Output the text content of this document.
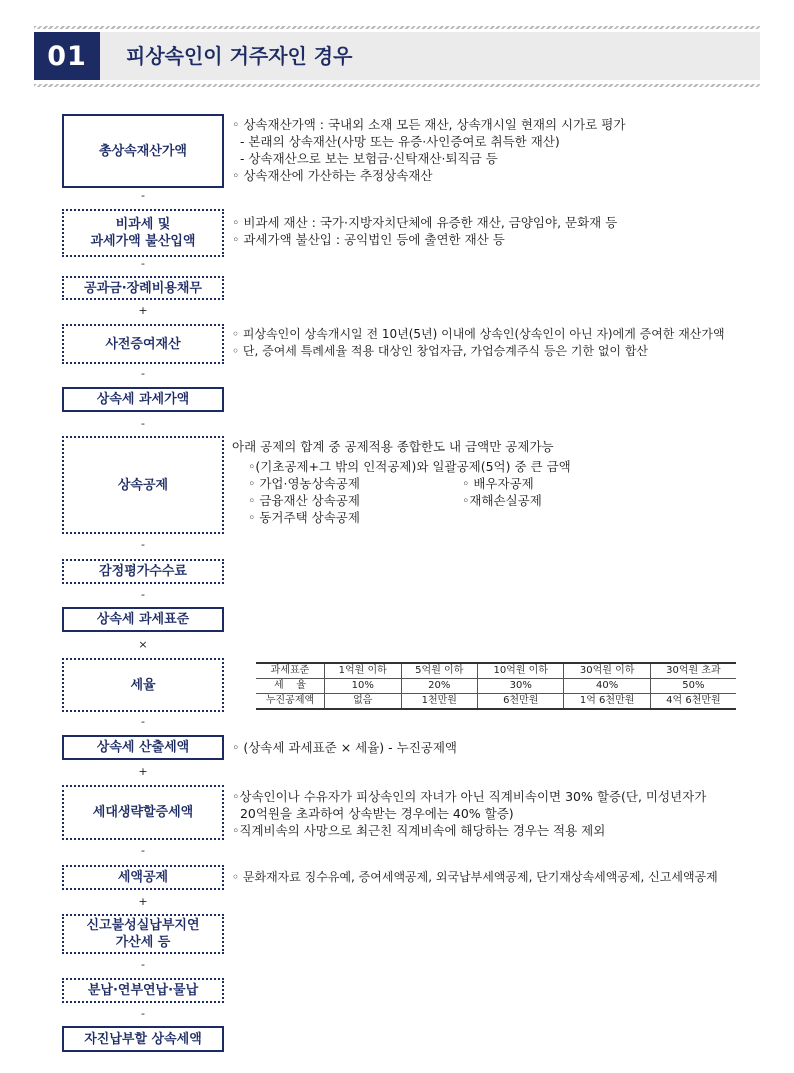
01	피상속인이 거주자인 경우
총상속재산가액
-
비과세 및
과세가액 불산입액
-
공과금·장례비용채무
+
사전증여재산
-
상속세 과세가액
-
상속공제
-
감정평가수수료
-
상속세 과세표준
×
세율
-
상속세 산출세액
+
세대생략할증세액
-
세액공제
+
신고불성실납부지연
가산세 등
-
분납·연부연납·물납
-
자진납부할 상속세액
◦ 상속재산가액 : 국내외 소재 모든 재산, 상속개시일 현재의 시가로 평가
- 본래의 상속재산(사망 또는 유증·사인증여로 취득한 재산)
- 상속재산으로 보는 보험금·신탁재산·퇴직금 등
◦ 상속재산에 가산하는 추정상속재산
◦ 비과세 재산 : 국가·지방자치단체에 유증한 재산, 금양임야, 문화재 등
◦ 과세가액 불산입 : 공익법인 등에 출연한 재산 등
◦ 피상속인이 상속개시일 전 10년(5년) 이내에 상속인(상속인이 아닌 자)에게 증여한 재산가액
◦ 단, 증여세 특례세율 적용 대상인 창업자금, 가업승계주식 등은 기한 없이 합산
아래 공제의 합계 중 공제적용 종합한도 내 금액만 공제가능
◦(기초공제+그 밖의 인적공제)와 일괄공제(5억) 중 큰 금액
◦ 가업·영농상속공제	◦ 배우자공제
◦ 금융재산 상속공제	◦재해손실공제
◦ 동거주택 상속공제
과세표준	1억원 이하	5억원 이하	10억원 이하	30억원 이하	30억원 초과
세    율	10%	20%	30%	40%	50%
누진공제액	없음	1천만원	6천만원	1억 6천만원	4억 6천만원
◦ (상속세 과세표준 × 세율) - 누진공제액
◦상속인이나 수유자가 피상속인의 자녀가 아닌 직계비속이면 30% 할증(단, 미성년자가
20억원을 초과하여 상속받는 경우에는 40% 할증)
◦직계비속의 사망으로 최근친 직계비속에 해당하는 경우는 적용 제외
◦ 문화재자료 징수유예, 증여세액공제, 외국납부세액공제, 단기재상속세액공제, 신고세액공제
